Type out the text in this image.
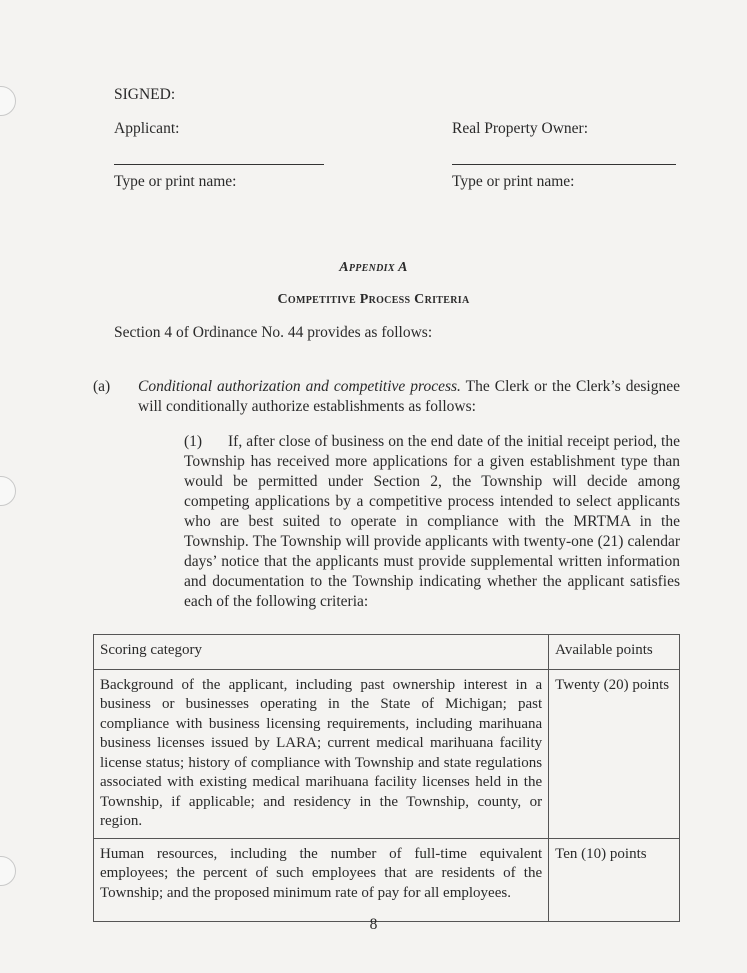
SIGNED:
Applicant:	Real Property Owner:
Type or print name:	Type or print name:
Appendix A
Competitive Process Criteria
Section 4 of Ordinance No. 44 provides as follows:
(a) Conditional authorization and competitive process. The Clerk or the Clerk’s designee will conditionally authorize establishments as follows:
If, after close of business on the end date of the initial receipt period, the Township has received more applications for a given establishment type than would be permitted under Section 2, the Township will decide among competing applications by a competitive process intended to select applicants who are best suited to operate in compliance with the MRTMA in the Township. The Township will provide applicants with twenty-one (21) calendar days’ notice that the applicants must provide supplemental written information and documentation to the Township indicating whether the applicant satisfies each of the following criteria:
(1)
Scoring category	Available points
Background of the applicant, including past ownership interest in a business or businesses operating in the State of Michigan; past compliance with business licensing requirements, including marihuana business licenses issued by LARA; current medical marihuana facility license status; history of compliance with Township and state regulations associated with existing medical marihuana facility licenses held in the Township, if applicable; and residency in the Township, county, or region.	Twenty (20) points
Human resources, including the number of full-time equivalent employees; the percent of such employees that are residents of the Township; and the proposed minimum rate of pay for all employees.	Ten (10) points
8
